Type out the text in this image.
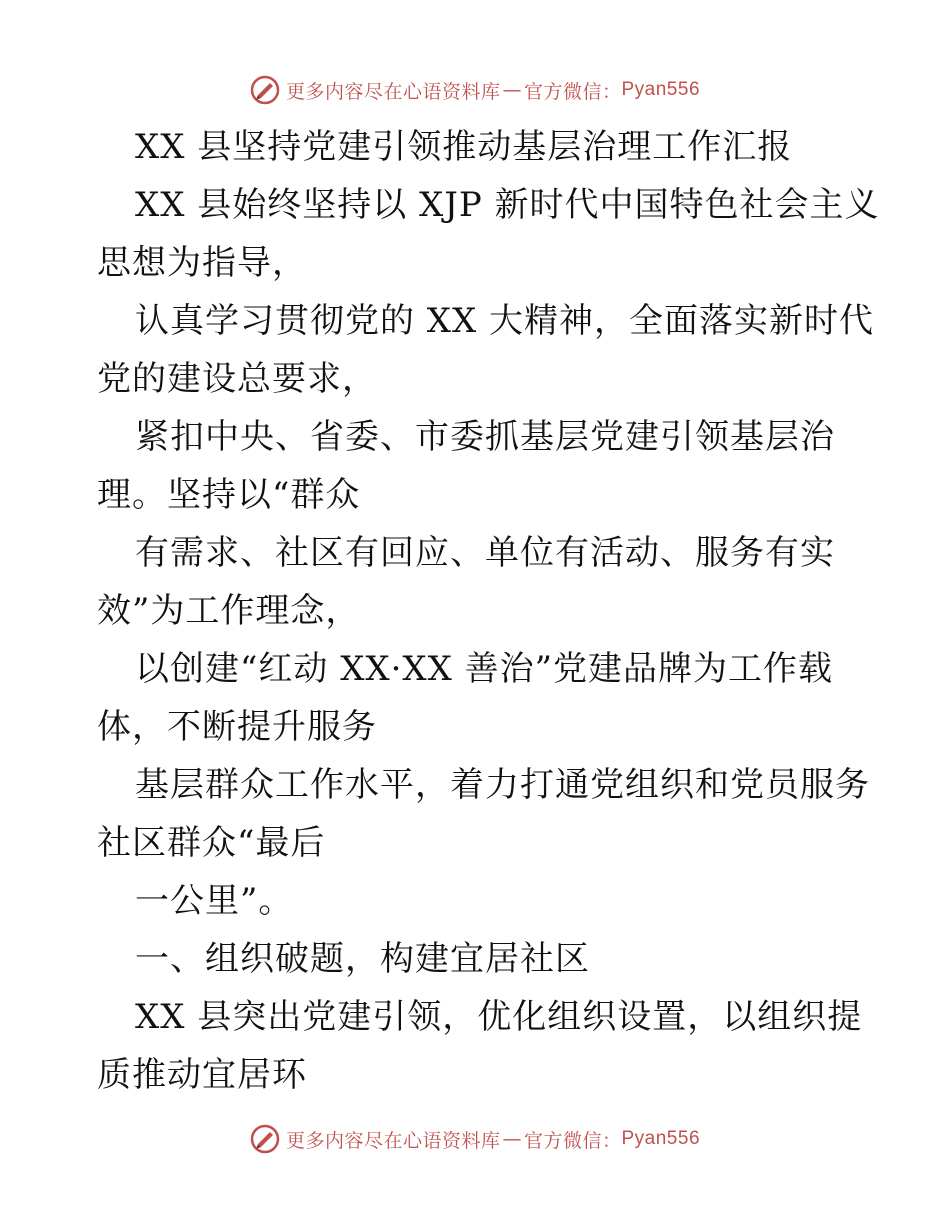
更多内容尽在心语资料库 — 官方微信： Pyan556
XX 县坚持党建引领推动基层治理工作汇报
XX 县始终坚持以 XJP 新时代中国特色社会主义
思想为指导，
认真学习贯彻党的 XX 大精神，全面落实新时代
党的建设总要求，
紧扣中央、省委、市委抓基层党建引领基层治
理。坚持以“群众
有需求、社区有回应、单位有活动、服务有实
效”为工作理念，
以创建“红动 XX·XX 善治”党建品牌为工作载
体，不断提升服务
基层群众工作水平，着力打通党组织和党员服务
社区群众“最后
一公里”。
一、组织破题，构建宜居社区
XX 县突出党建引领，优化组织设置，以组织提
质推动宜居环
更多内容尽在心语资料库 — 官方微信： Pyan556
